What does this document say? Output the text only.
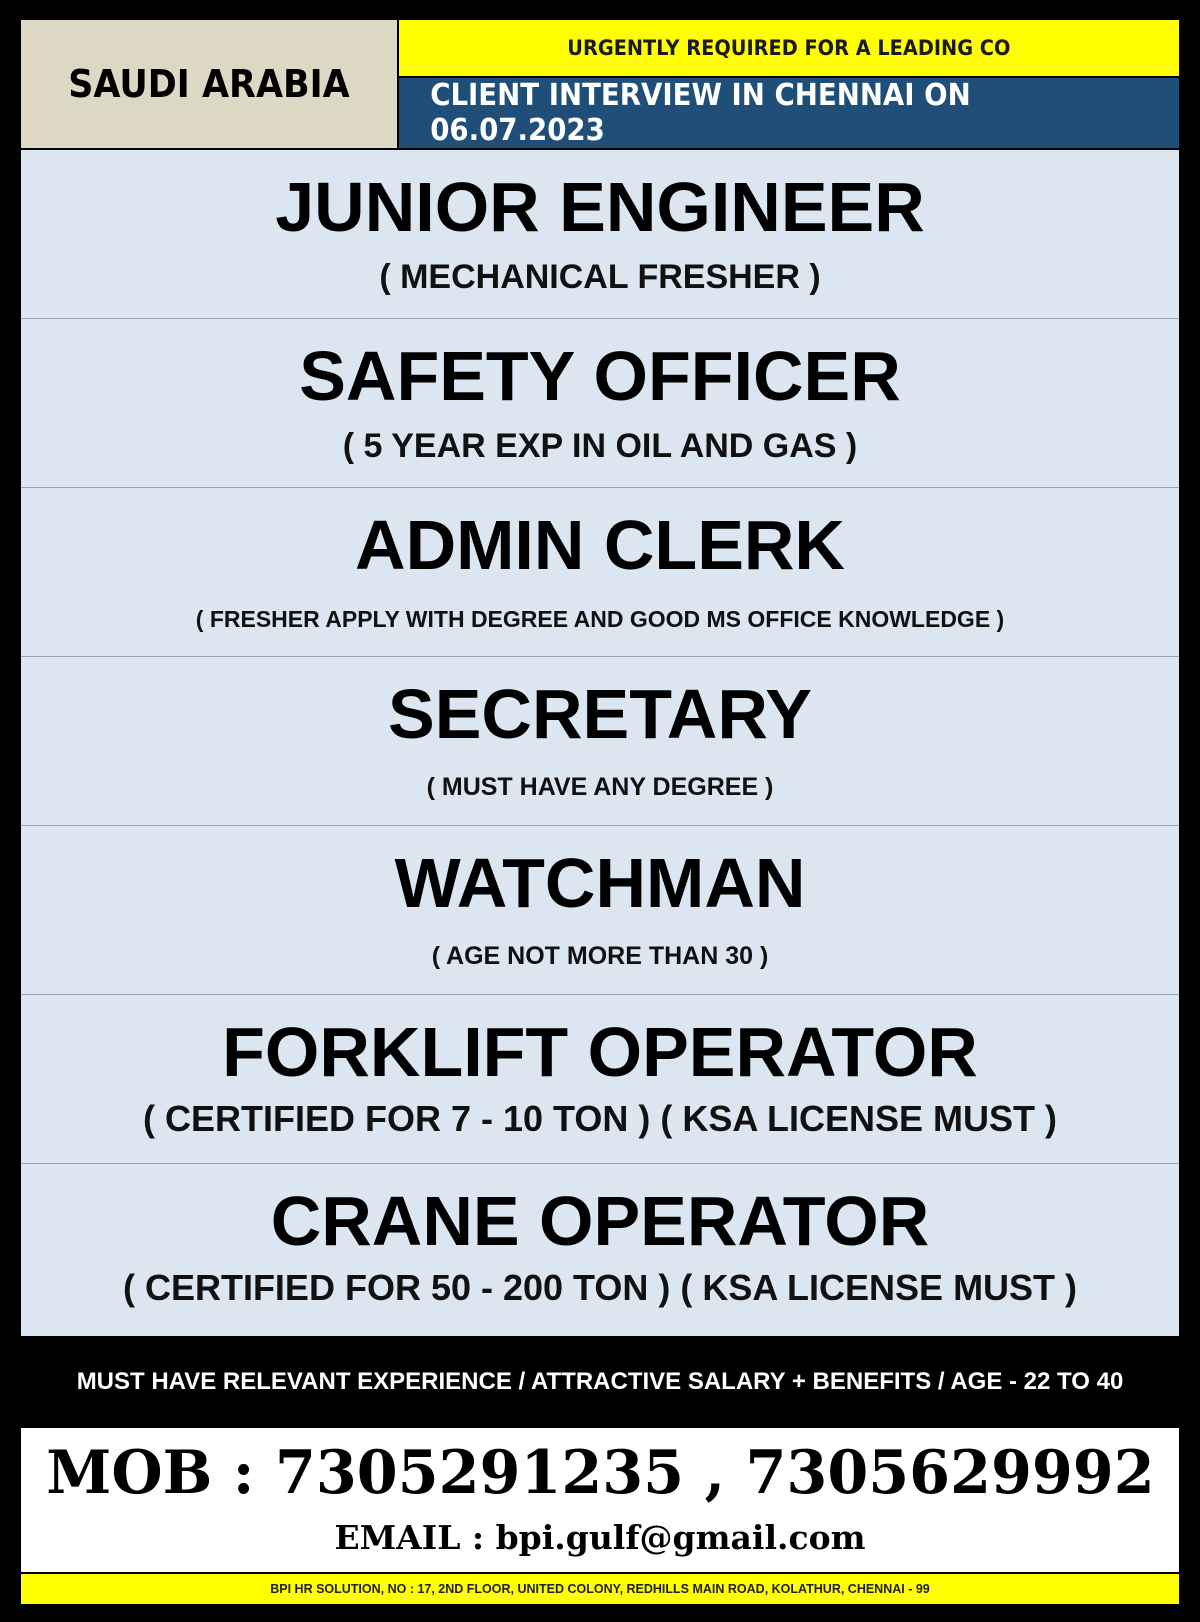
SAUDI ARABIA
URGENTLY REQUIRED FOR A LEADING CO
CLIENT INTERVIEW IN CHENNAI ON 06.07.2023
JUNIOR ENGINEER
( MECHANICAL FRESHER )
SAFETY OFFICER
( 5 YEAR EXP IN OIL AND GAS )
ADMIN CLERK
( FRESHER APPLY WITH DEGREE AND GOOD MS OFFICE KNOWLEDGE )
SECRETARY
( MUST HAVE ANY DEGREE )
WATCHMAN
( AGE NOT MORE THAN 30 )
FORKLIFT OPERATOR
( CERTIFIED FOR 7 - 10 TON ) ( KSA LICENSE MUST )
CRANE OPERATOR
( CERTIFIED FOR 50 - 200 TON ) ( KSA LICENSE MUST )
MUST HAVE RELEVANT EXPERIENCE / ATTRACTIVE SALARY + BENEFITS / AGE - 22 TO 40
MOB : 7305291235 , 7305629992
EMAIL : bpi.gulf@gmail.com
BPI HR SOLUTION, NO : 17, 2ND FLOOR, UNITED COLONY, REDHILLS MAIN ROAD, KOLATHUR, CHENNAI - 99
